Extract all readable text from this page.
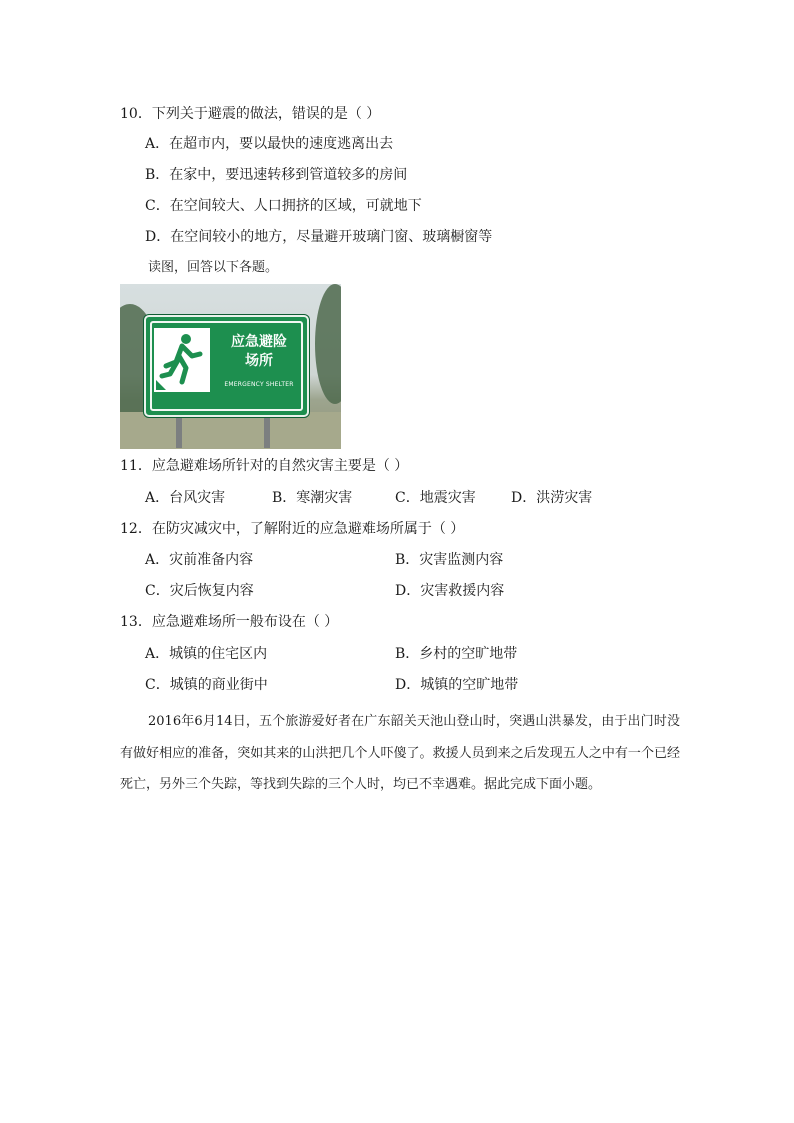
10．下列关于避震的做法，错误的是（ ）
A．在超市内，要以最快的速度逃离出去
B．在家中，要迅速转移到管道较多的房间
C．在空间较大、人口拥挤的区域，可就地下
D．在空间较小的地方，尽量避开玻璃门窗、玻璃橱窗等
读图，回答以下各题。
应急避险
场所
EMERGENCY SHELTER
11．应急避难场所针对的自然灾害主要是（ ）
A．台风灾害	B．寒潮灾害	C．地震灾害	D．洪涝灾害
12．在防灾减灾中，了解附近的应急避难场所属于（ ）
A．灾前准备内容	B．灾害监测内容
C．灾后恢复内容	D．灾害救援内容
13．应急避难场所一般布设在（ ）
A．城镇的住宅区内	B．乡村的空旷地带
C．城镇的商业街中	D．城镇的空旷地带
2016年6月14日，五个旅游爱好者在广东韶关天池山登山时，突遇山洪暴发，由于出门时没有做好相应的准备，突如其来的山洪把几个人吓傻了。救援人员到来之后发现五人之中有一个已经死亡，另外三个失踪，等找到失踪的三个人时，均已不幸遇难。据此完成下面小题。
